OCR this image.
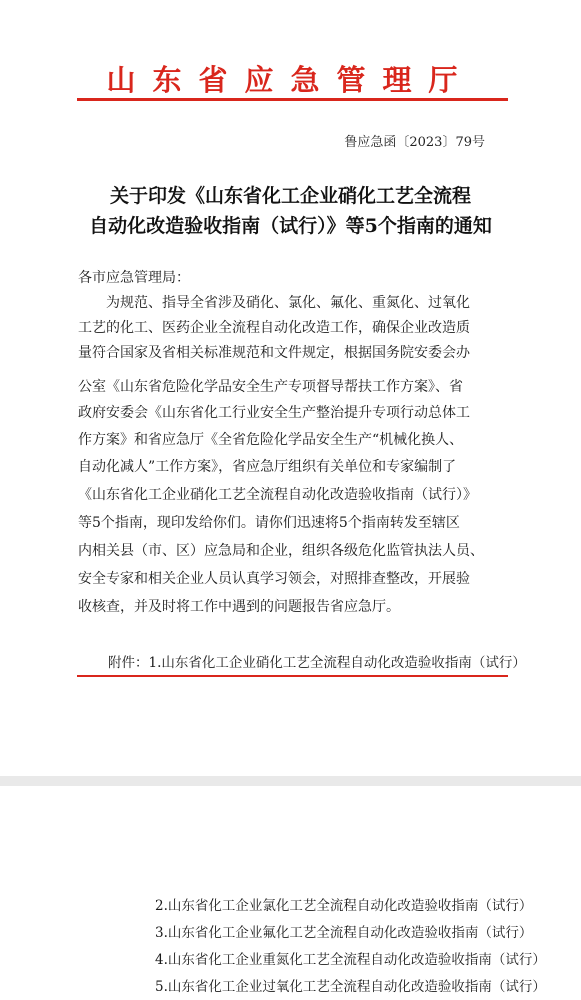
山东省应急管理厅
鲁应急函〔2023〕79号
关于印发《山东省化工企业硝化工艺全流程
自动化改造验收指南（试行）》等5个指南的通知
各市应急管理局：
　　为规范、指导全省涉及硝化、氯化、氟化、重氮化、过氧化
工艺的化工、医药企业全流程自动化改造工作，确保企业改造质
量符合国家及省相关标准规范和文件规定，根据国务院安委会办
公室《山东省危险化学品安全生产专项督导帮扶工作方案》、省
政府安委会《山东省化工行业安全生产整治提升专项行动总体工
作方案》和省应急厅《全省危险化学品安全生产“机械化换人、
自动化减人”工作方案》，省应急厅组织有关单位和专家编制了
《山东省化工企业硝化工艺全流程自动化改造验收指南（试行）》
等5个指南，现印发给你们。请你们迅速将5个指南转发至辖区
内相关县（市、区）应急局和企业，组织各级危化监管执法人员、
安全专家和相关企业人员认真学习领会，对照排查整改，开展验
收核查，并及时将工作中遇到的问题报告省应急厅。
附件：1.山东省化工企业硝化工艺全流程自动化改造验收指南（试行）
2.山东省化工企业氯化工艺全流程自动化改造验收指南（试行）
3.山东省化工企业氟化工艺全流程自动化改造验收指南（试行）
4.山东省化工企业重氮化工艺全流程自动化改造验收指南（试行）
5.山东省化工企业过氧化工艺全流程自动化改造验收指南（试行）
